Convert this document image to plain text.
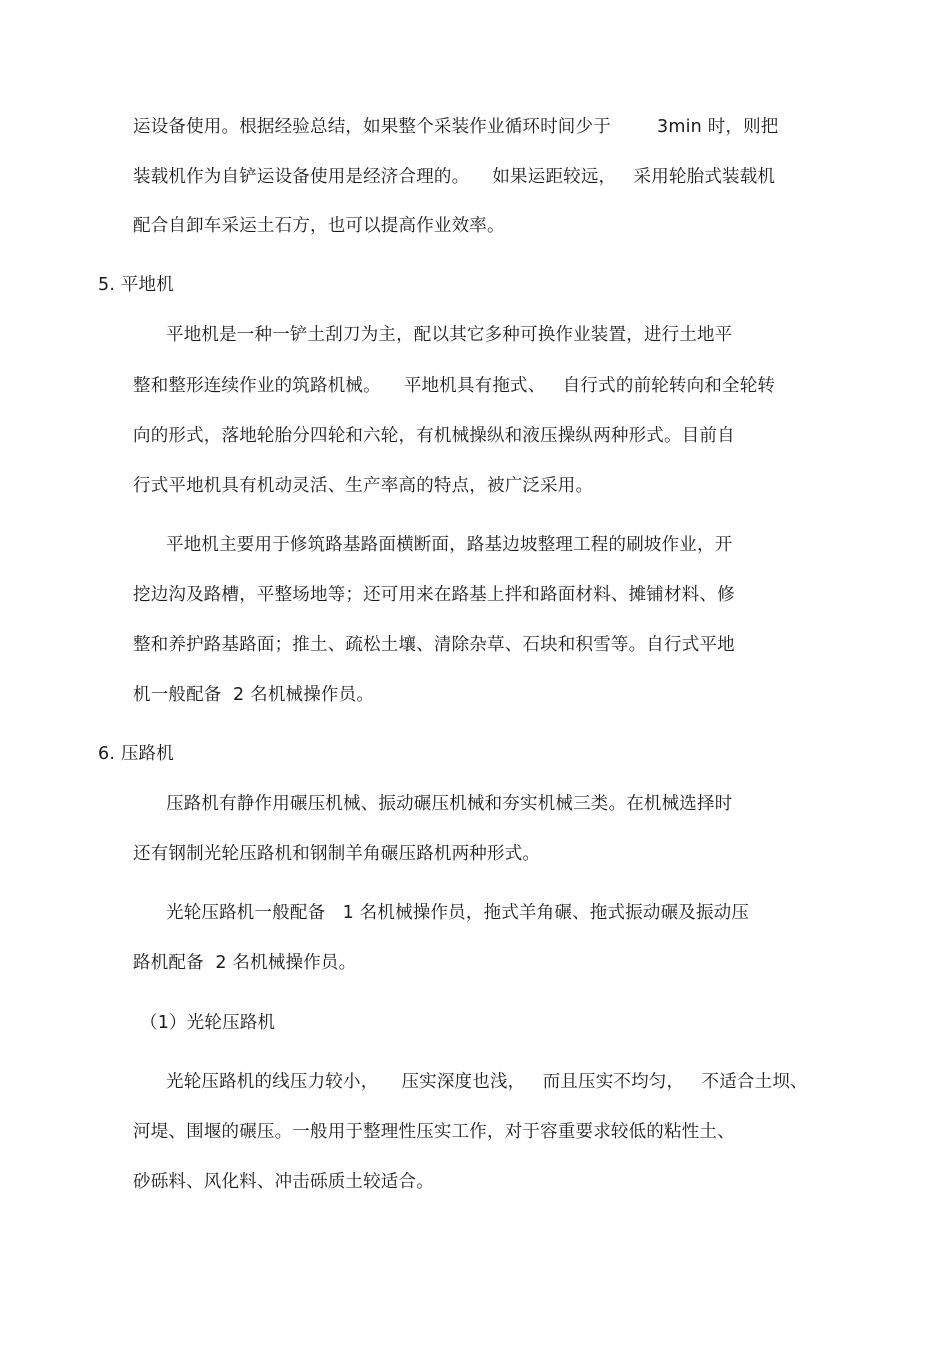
运设备使用。根据经验总结，如果整个采装作业循环时间少于        3min 时，则把
装载机作为自铲运设备使用是经济合理的。    如果运距较远，   采用轮胎式装载机
配合自卸车采运土石方，也可以提高作业效率。
5. 平地机
平地机是一种一铲土刮刀为主，配以其它多种可换作业装置，进行土地平
整和整形连续作业的筑路机械。    平地机具有拖式、   自行式的前轮转向和全轮转
向的形式，落地轮胎分四轮和六轮，有机械操纵和液压操纵两种形式。目前自
行式平地机具有机动灵活、生产率高的特点，被广泛采用。
平地机主要用于修筑路基路面横断面，路基边坡整理工程的刷坡作业，开
挖边沟及路槽，平整场地等；还可用来在路基上拌和路面材料、摊铺材料、修
整和养护路基路面；推土、疏松土壤、清除杂草、石块和积雪等。自行式平地
机一般配备  2 名机械操作员。
6. 压路机
压路机有静作用碾压机械、振动碾压机械和夯实机械三类。在机械选择时
还有钢制光轮压路机和钢制羊角碾压路机两种形式。
光轮压路机一般配备   1 名机械操作员，拖式羊角碾、拖式振动碾及振动压
路机配备  2 名机械操作员。
（1）光轮压路机
光轮压路机的线压力较小，    压实深度也浅，   而且压实不均匀，   不适合土坝、
河堤、围堰的碾压。一般用于整理性压实工作，对于容重要求较低的粘性土、
砂砾料、风化料、冲击砾质土较适合。
